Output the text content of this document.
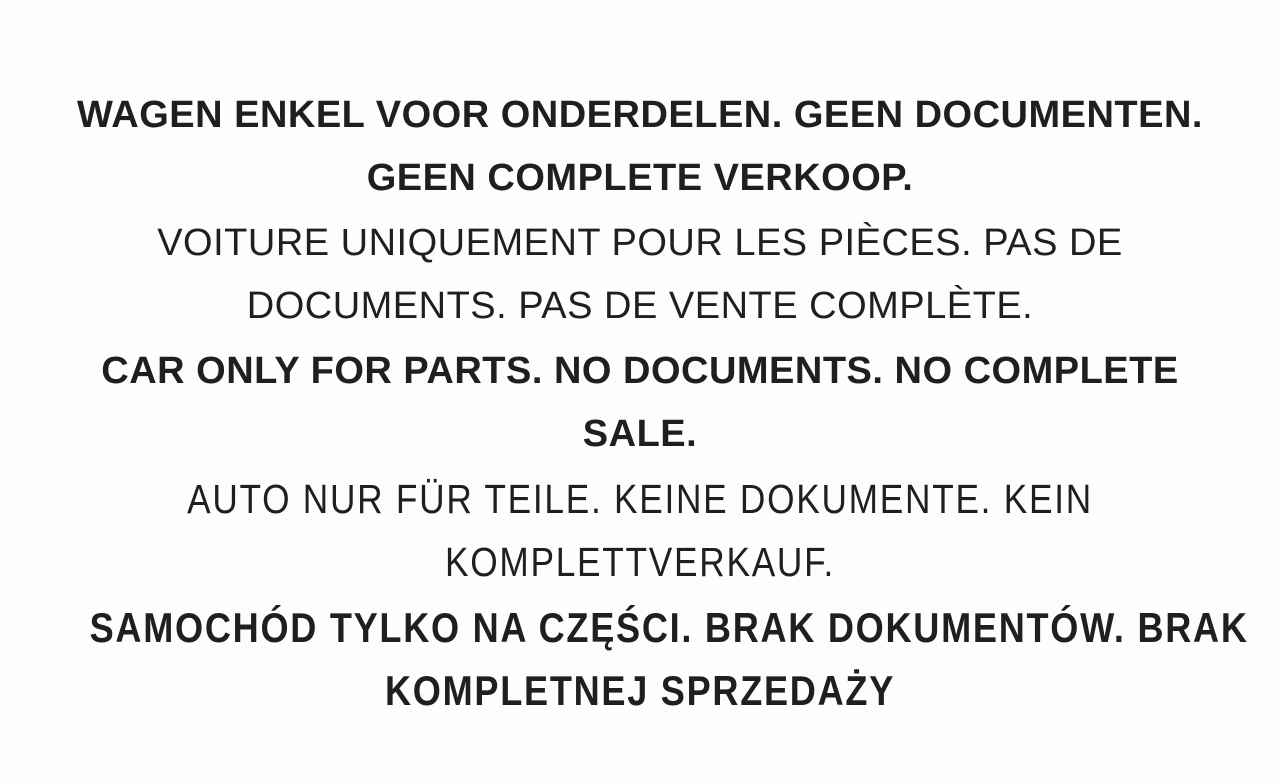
WAGEN ENKEL VOOR ONDERDELEN. GEEN DOCUMENTEN.
GEEN COMPLETE VERKOOP.
VOITURE UNIQUEMENT POUR LES PIÈCES. PAS DE
DOCUMENTS. PAS DE VENTE COMPLÈTE.
CAR ONLY FOR PARTS. NO DOCUMENTS. NO COMPLETE
SALE.
AUTO NUR FÜR TEILE. KEINE DOKUMENTE. KEIN
KOMPLETTVERKAUF.
SAMOCHÓD TYLKO NA CZĘŚCI. BRAK DOKUMENTÓW. BRAK
KOMPLETNEJ SPRZEDAŻY
